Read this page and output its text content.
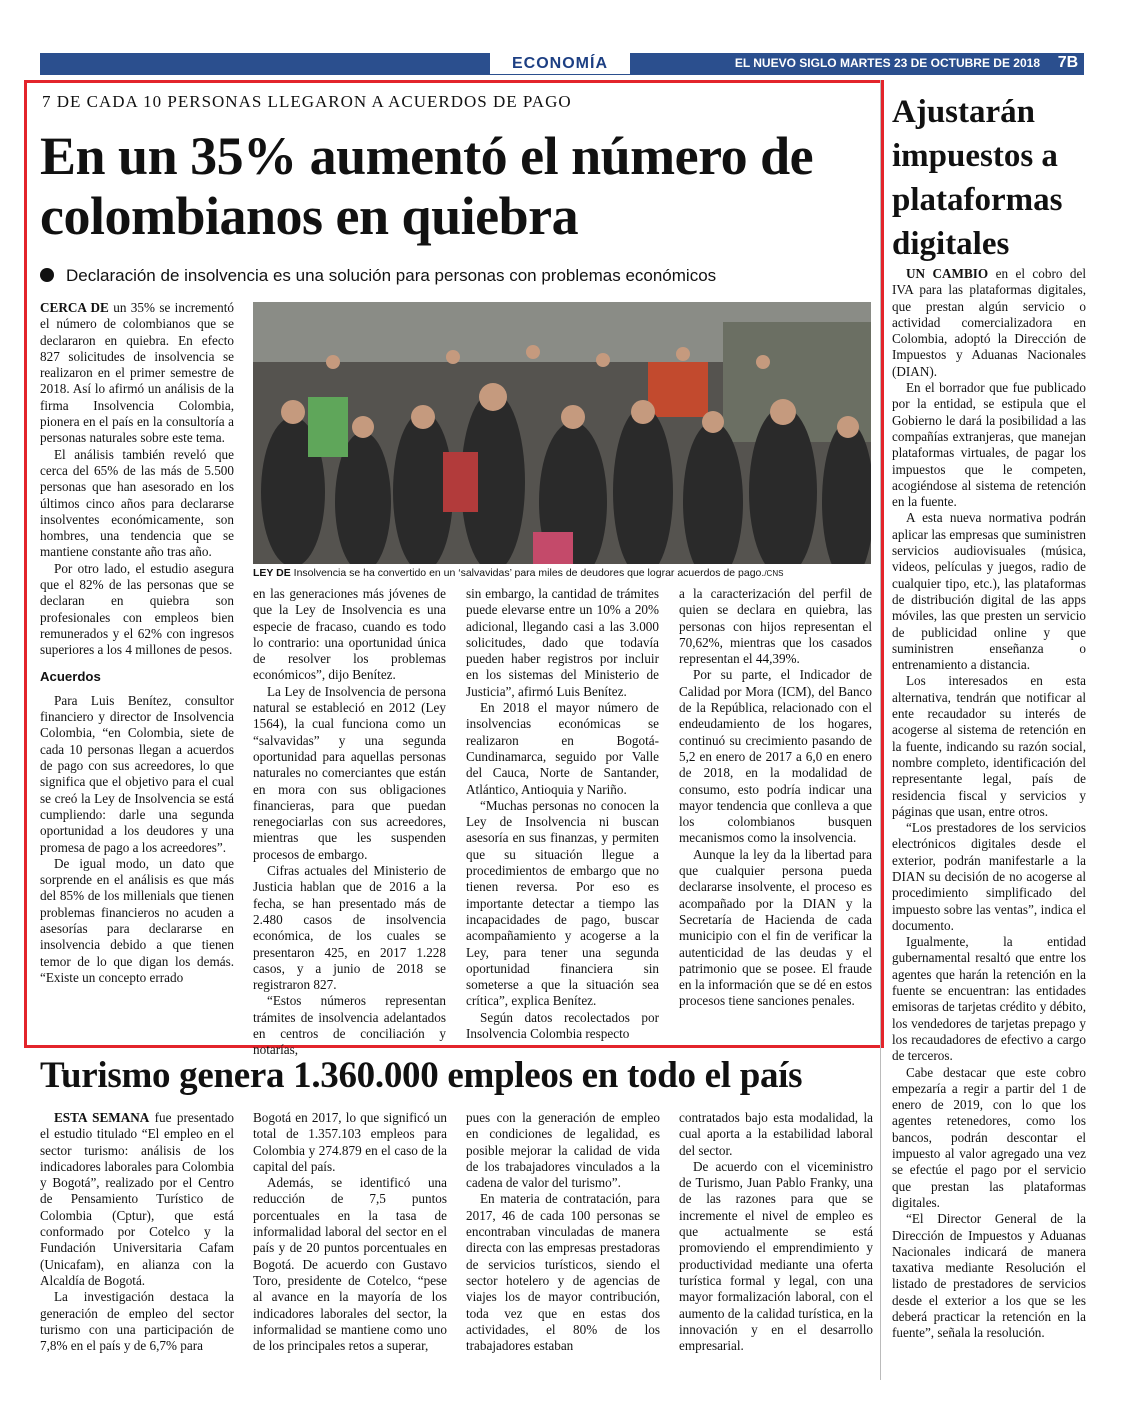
ECONOMÍA	EL NUEVO SIGLO MARTES 23 DE OCTUBRE DE 2018	7B
7 DE CADA 10 PERSONAS LLEGARON A ACUERDOS DE PAGO
En un 35% aumentó el número de colombianos en quiebra
Declaración de insolvencia es una solución para personas con problemas económicos

CERCA DE un 35% se incrementó el número de colombianos que se declararon en quiebra. En efecto 827 solicitudes de insolvencia se realizaron en el primer semestre de 2018. Así lo afirmó un análisis de la firma Insolvencia Colombia, pionera en el país en la consultoría a personas naturales sobre este tema.

El análisis también reveló que cerca del 65% de las más de 5.500 personas que han asesorado en los últimos cinco años para declararse insolventes económicamente, son hombres, una tendencia que se mantiene constante año tras año.

Por otro lado, el estudio asegura que el 82% de las personas que se declaran en quiebra son profesionales con empleos bien remunerados y el 62% con ingresos superiores a los 4 millones de pesos.

Acuerdos

Para Luis Benítez, consultor financiero y director de Insolvencia Colombia, “en Colombia, siete de cada 10 personas llegan a acuerdos de pago con sus acreedores, lo que significa que el objetivo para el cual se creó la Ley de Insolvencia se está cumpliendo: darle una segunda oportunidad a los deudores y una promesa de pago a los acreedores”.

De igual modo, un dato que sorprende en el análisis es que más del 85% de los millenials que tienen problemas financieros no acuden a asesorías para declararse en insolvencia debido a que tienen temor de lo que digan los demás. “Existe un concepto errado

LEY DE Insolvencia se ha convertido en un ‘salvavidas’ para miles de deudores que lograr acuerdos de pago./CNS

en las generaciones más jóvenes de que la Ley de Insolvencia es una especie de fracaso, cuando es todo lo contrario: una oportunidad única de resolver los problemas económicos”, dijo Benítez.

La Ley de Insolvencia de persona natural se estableció en 2012 (Ley 1564), la cual funciona como un “salvavidas” y una segunda oportunidad para aquellas personas naturales no comerciantes que están en mora con sus obligaciones financieras, para que puedan renegociarlas con sus acreedores, mientras que les suspenden procesos de embargo.

Cifras actuales del Ministerio de Justicia hablan que de 2016 a la fecha, se han presentado más de 2.480 casos de insolvencia económica, de los cuales se presentaron 425, en 2017 1.228 casos, y a junio de 2018 se registraron 827.

“Estos números representan trámites de insolvencia adelantados en centros de conciliación y notarías,

sin embargo, la cantidad de trámites puede elevarse entre un 10% a 20% adicional, llegando casi a las 3.000 solicitudes, dado que todavía pueden haber registros por incluir en los sistemas del Ministerio de Justicia”, afirmó Luis Benítez.

En 2018 el mayor número de insolvencias económicas se realizaron en Bogotá-Cundinamarca, seguido por Valle del Cauca, Norte de Santander, Atlántico, Antioquia y Nariño.

“Muchas personas no conocen la Ley de Insolvencia ni buscan asesoría en sus finanzas, y permiten que su situación llegue a procedimientos de embargo que no tienen reversa. Por eso es importante detectar a tiempo las incapacidades de pago, buscar acompañamiento y acogerse a la Ley, para tener una segunda oportunidad financiera sin someterse a que la situación sea crítica”, explica Benítez.

Según datos recolectados por Insolvencia Colombia respecto

a la caracterización del perfil de quien se declara en quiebra, las personas con hijos representan el 70,62%, mientras que los casados representan el 44,39%.

Por su parte, el Indicador de Calidad por Mora (ICM), del Banco de la República, relacionado con el endeudamiento de los hogares, continuó su crecimiento pasando de 5,2 en enero de 2017 a 6,0 en enero de 2018, en la modalidad de consumo, esto podría indicar una mayor tendencia que conlleva a que los colombianos busquen mecanismos como la insolvencia.

Aunque la ley da la libertad para que cualquier persona pueda declararse insolvente, el proceso es acompañado por la DIAN y la Secretaría de Hacienda de cada municipio con el fin de verificar la autenticidad de las deudas y el patrimonio que se posee. El fraude en la información que se dé en estos procesos tiene sanciones penales.

Ajustarán impuestos a plataformas digitales

UN CAMBIO en el cobro del IVA para las plataformas digitales, que prestan algún servicio o actividad comercializadora en Colombia, adoptó la Dirección de Impuestos y Aduanas Nacionales (DIAN).

En el borrador que fue publicado por la entidad, se estipula que el Gobierno le dará la posibilidad a las compañías extranjeras, que manejan plataformas virtuales, de pagar los impuestos que le competen, acogiéndose al sistema de retención en la fuente.

A esta nueva normativa podrán aplicar las empresas que suministren servicios audiovisuales (música, videos, películas y juegos, radio de cualquier tipo, etc.), las plataformas de distribución digital de las apps móviles, las que presten un servicio de publicidad online y que suministren enseñanza o entrenamiento a distancia.

Los interesados en esta alternativa, tendrán que notificar al ente recaudador su interés de acogerse al sistema de retención en la fuente, indicando su razón social, nombre completo, identificación del representante legal, país de residencia fiscal y servicios y páginas que usan, entre otros.

“Los prestadores de los servicios electrónicos digitales desde el exterior, podrán manifestarle a la DIAN su decisión de no acogerse al procedimiento simplificado del impuesto sobre las ventas”, indica el documento.

Igualmente, la entidad gubernamental resaltó que entre los agentes que harán la retención en la fuente se encuentran: las entidades emisoras de tarjetas crédito y débito, los vendedores de tarjetas prepago y los recaudadores de efectivo a cargo de terceros.

Cabe destacar que este cobro empezaría a regir a partir del 1 de enero de 2019, con lo que los agentes retenedores, como los bancos, podrán descontar el impuesto al valor agregado una vez se efectúe el pago por el servicio que prestan las plataformas digitales.

“El Director General de la Dirección de Impuestos y Aduanas Nacionales indicará de manera taxativa mediante Resolución el listado de prestadores de servicios desde el exterior a los que se les deberá practicar la retención en la fuente”, señala la resolución.

Turismo genera 1.360.000 empleos en todo el país

ESTA SEMANA fue presentado el estudio titulado “El empleo en el sector turismo: análisis de los indicadores laborales para Colombia y Bogotá”, realizado por el Centro de Pensamiento Turístico de Colombia (Cptur), que está conformado por Cotelco y la Fundación Universitaria Cafam (Unicafam), en alianza con la Alcaldía de Bogotá.

La investigación destaca la generación de empleo del sector turismo con una participación de 7,8% en el país y de 6,7% para

Bogotá en 2017, lo que significó un total de 1.357.103 empleos para Colombia y 274.879 en el caso de la capital del país.

Además, se identificó una reducción de 7,5 puntos porcentuales en la tasa de informalidad laboral del sector en el país y de 20 puntos porcentuales en Bogotá. De acuerdo con Gustavo Toro, presidente de Cotelco, “pese al avance en la mayoría de los indicadores laborales del sector, la informalidad se mantiene como uno de los principales retos a superar,

pues con la generación de empleo en condiciones de legalidad, es posible mejorar la calidad de vida de los trabajadores vinculados a la cadena de valor del turismo”.

En materia de contratación, para 2017, 46 de cada 100 personas se encontraban vinculadas de manera directa con las empresas prestadoras de servicios turísticos, siendo el sector hotelero y de agencias de viajes los de mayor contribución, toda vez que en estas dos actividades, el 80% de los trabajadores estaban

contratados bajo esta modalidad, la cual aporta a la estabilidad laboral del sector.

De acuerdo con el viceministro de Turismo, Juan Pablo Franky, una de las razones para que se incremente el nivel de empleo es que actualmente se está promoviendo el emprendimiento y productividad mediante una oferta turística formal y legal, con una mayor formalización laboral, con el aumento de la calidad turística, en la innovación y en el desarrollo empresarial.
